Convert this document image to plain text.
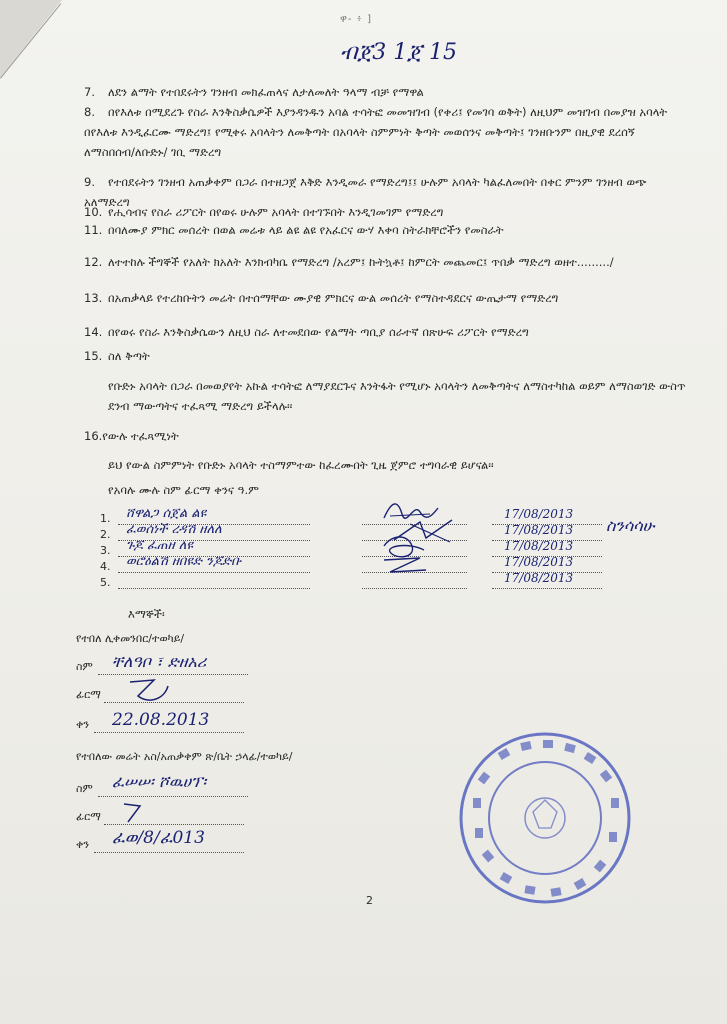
ዋ- ፥ ]
ብጀ3 1ጀ 15
7. ለደን ልማት የተበደሩትን ገንዘብ መክፈጠላና ለታለመለት ዓላማ ብቻ የማዋል
8. በየእለቱ በሚደረጉ የስራ እንቅስቃሴዎች እያንዳንዱን አባል ተሳትፎ መመዝገብ (የቀሪ፤ የመገባ ወቅት) ለዚህም መዝገብ በመያዝ አባላት በየእለቱ እንዲፈርሙ ማድረግ፤ የሚቀሩ አባላትን ለመቅጣት በአባላት ስምምነት ቅጣት መወሰንና መቅጣት፤ ገንዘቡንም በዚያዊ ደረሰኝ ለማስበሰብ/ለቡድኑ/ ገቢ ማድረግ
9. የተበደሩትን ገንዘብ አጠቃቀም በጋራ በተዘጋጀ እቅድ እንዲመራ የማድረግ፤፤ ሁሉም አባላት ካልፈለመበት በቀር ምንም ገንዘብ ወጭ አለማድረግ
10. የሒሳብና የስራ ሪፖርት በየወሩ ሁሉም አባላት በተገኙበት እንዲገመገም የማድረግ
11. በባለሙያ ምክር መሰረት በወል መሬቱ ላይ ልዩ ልዩ የአፈርና ውሃ እቀባ ስትራክቸሮችን የመስራት
12. ለተተከሉ ችግኞች የአለት ክአለት እንክብካቤ የማድረግ /አረም፤ ኩትኳቶ፤ ከምርት መጨመር፤ ጥበቃ ማድረግ ወዘተ........./
13. በአጠቃላይ የተረከቡትን መሬት በተሰማቸው ሙያዊ ምክርና ውል መሰረት የማስተዳደርና ውጤታማ የማድረግ
14. በየወሩ የስራ እንቅስቃሴውን ለዚህ ስራ ለተመደበው የልማት ጣቢያ ሰራተኛ በጽሁፍ ሪፖርት የማድረግ
15. ስለ ቅጣት
የቡድኑ አባላት በጋራ በመወያየት አኩል ተሳትፎ ለማያደርጉና እንትፋት የሚሆኑ አባላትን ለመቅጣትና ለማስተካከል ወይም ለማስወገድ ውስጥ ደንብ ማውጣትና ተፈጻሚ ማድረግ ይችላሉ፡፡
16.የውሉ ተፈጻሚነት
ይህ የውል ስምምነት የቡድኑ አባላት ተስማምተው ከፈረሙበት ጊዜ ጀምሮ ተግባራዊ ይሆናል፡፡
የአባሉ ሙሉ ስም ፊርማ ቀንና ዓ.ም
1. ሸዋልጋ ሰጀል ልዩ	17/08/2013
2. ፈወሰነች ረዳሽ ዘለለ	17/08/2013
3. ጉጆ ፈጠዘ ለዩ	17/08/2013
4. ወሮዕልሽ ዘበዩድ ንጆድቡ	17/08/2013
5.	17/08/2013
ስንሳሳሁ
እማኞች፡
የተበለ ሊቀመንበር/ተወካይ/
ስም ቸለዓቦ ፣ ድዘአሪ
ፊርማ
ቀን 22.08.2013
የተበለው መሬት አስ/አጠቃቀም ጽ/ቤት ኃላፊ/ተወካይ/
ስም ፈሠሠ፡ ሾዉሀፕ፡
ፊርማ
ቀን ፈወ/8/ፈ013
2
